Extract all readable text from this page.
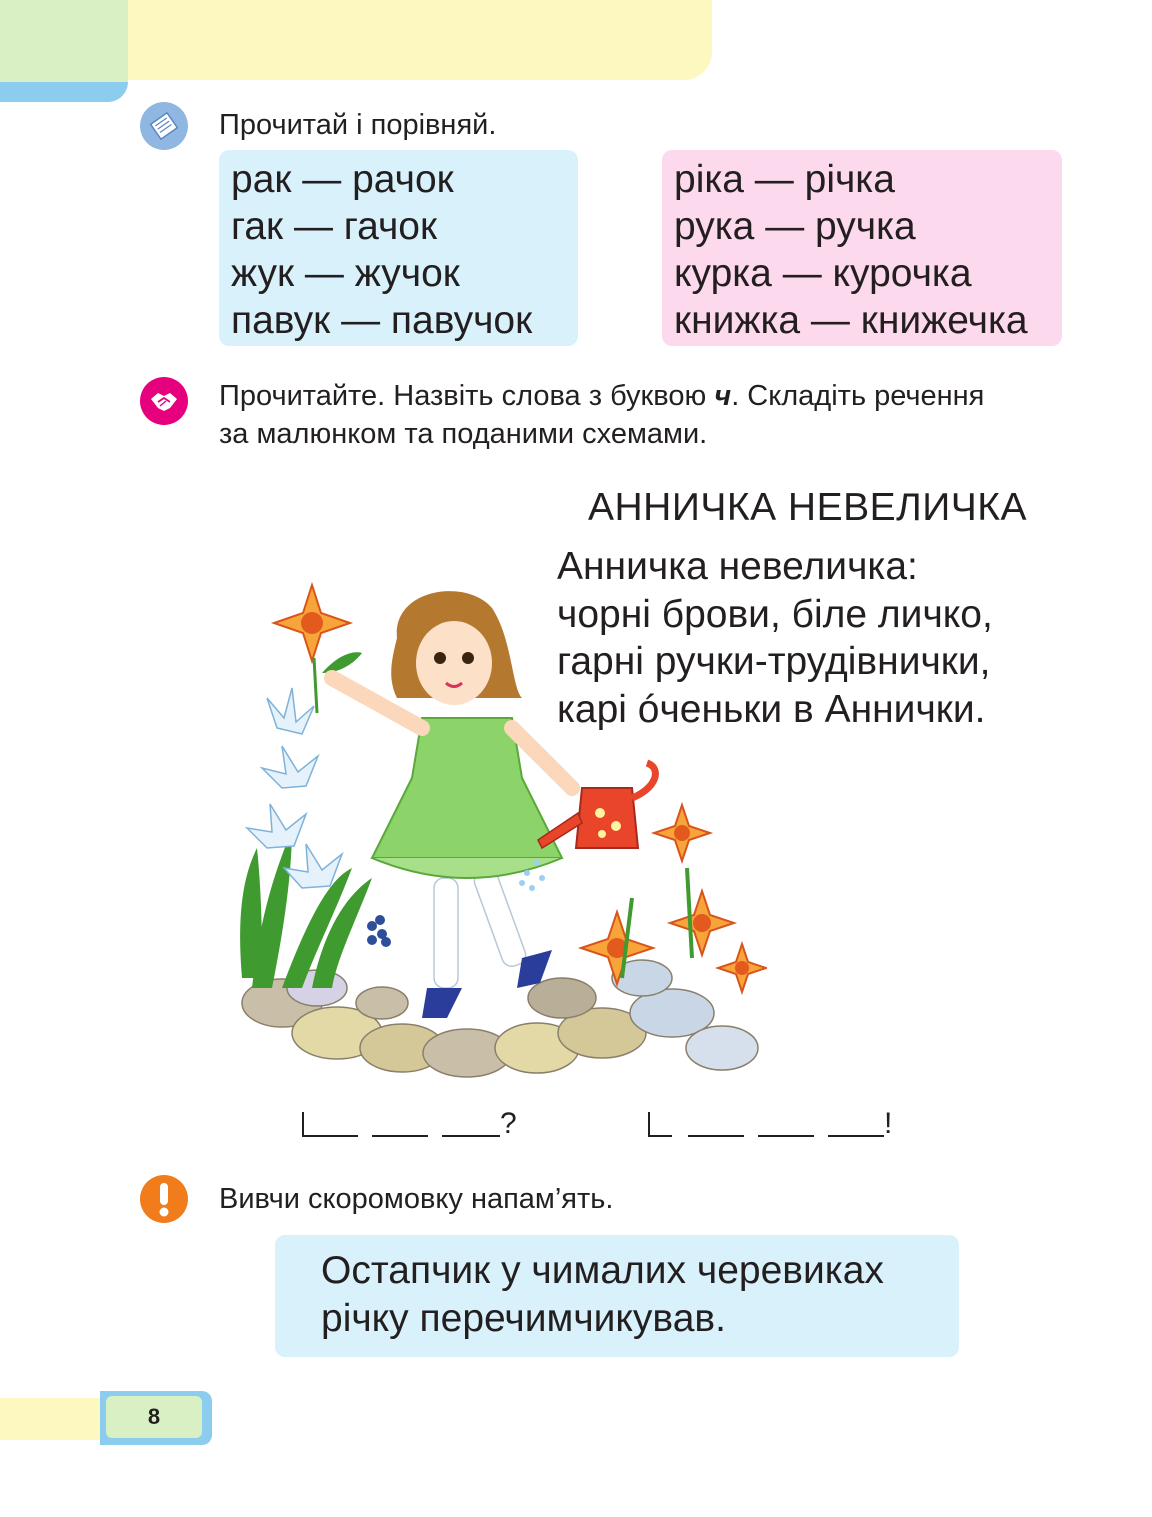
Прочитай і порівняй.
рак — рачок
гак — гачок
жук — жучок
павук — павучок
ріка — річка
рука — ручка
курка — курочка
книжка — книжечка
Прочитайте. Назвіть слова з буквою ч. Складіть речення
за малюнком та поданими схемами.
АННИЧКА НЕВЕЛИЧКА
Анничка невеличка:
чорні брови, біле личко,
гарні ручки-трудівнички,
карі óченьки в Аннички.
?	!
Вивчи скоромовку напам’ять.
Остапчик у чималих черевиках
річку перечимчикував.
8
